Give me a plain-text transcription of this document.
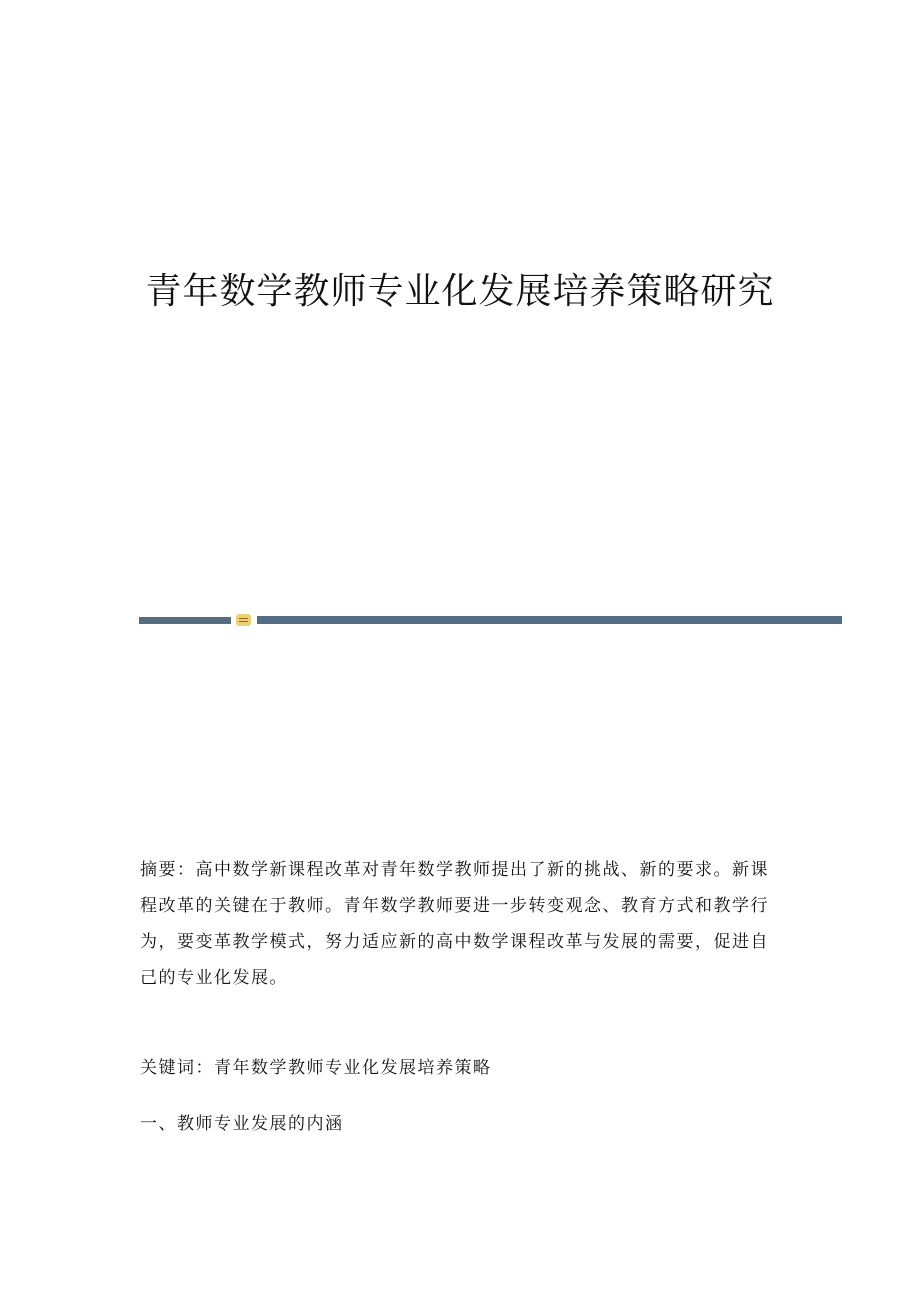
青年数学教师专业化发展培养策略研究

摘要：高中数学新课程改革对青年数学教师提出了新的挑战、新的要求。新课程改革的关键在于教师。青年数学教师要进一步转变观念、教育方式和教学行为，要变革教学模式，努力适应新的高中数学课程改革与发展的需要，促进自己的专业化发展。

关键词：青年数学教师专业化发展培养策略

一、教师专业发展的内涵
